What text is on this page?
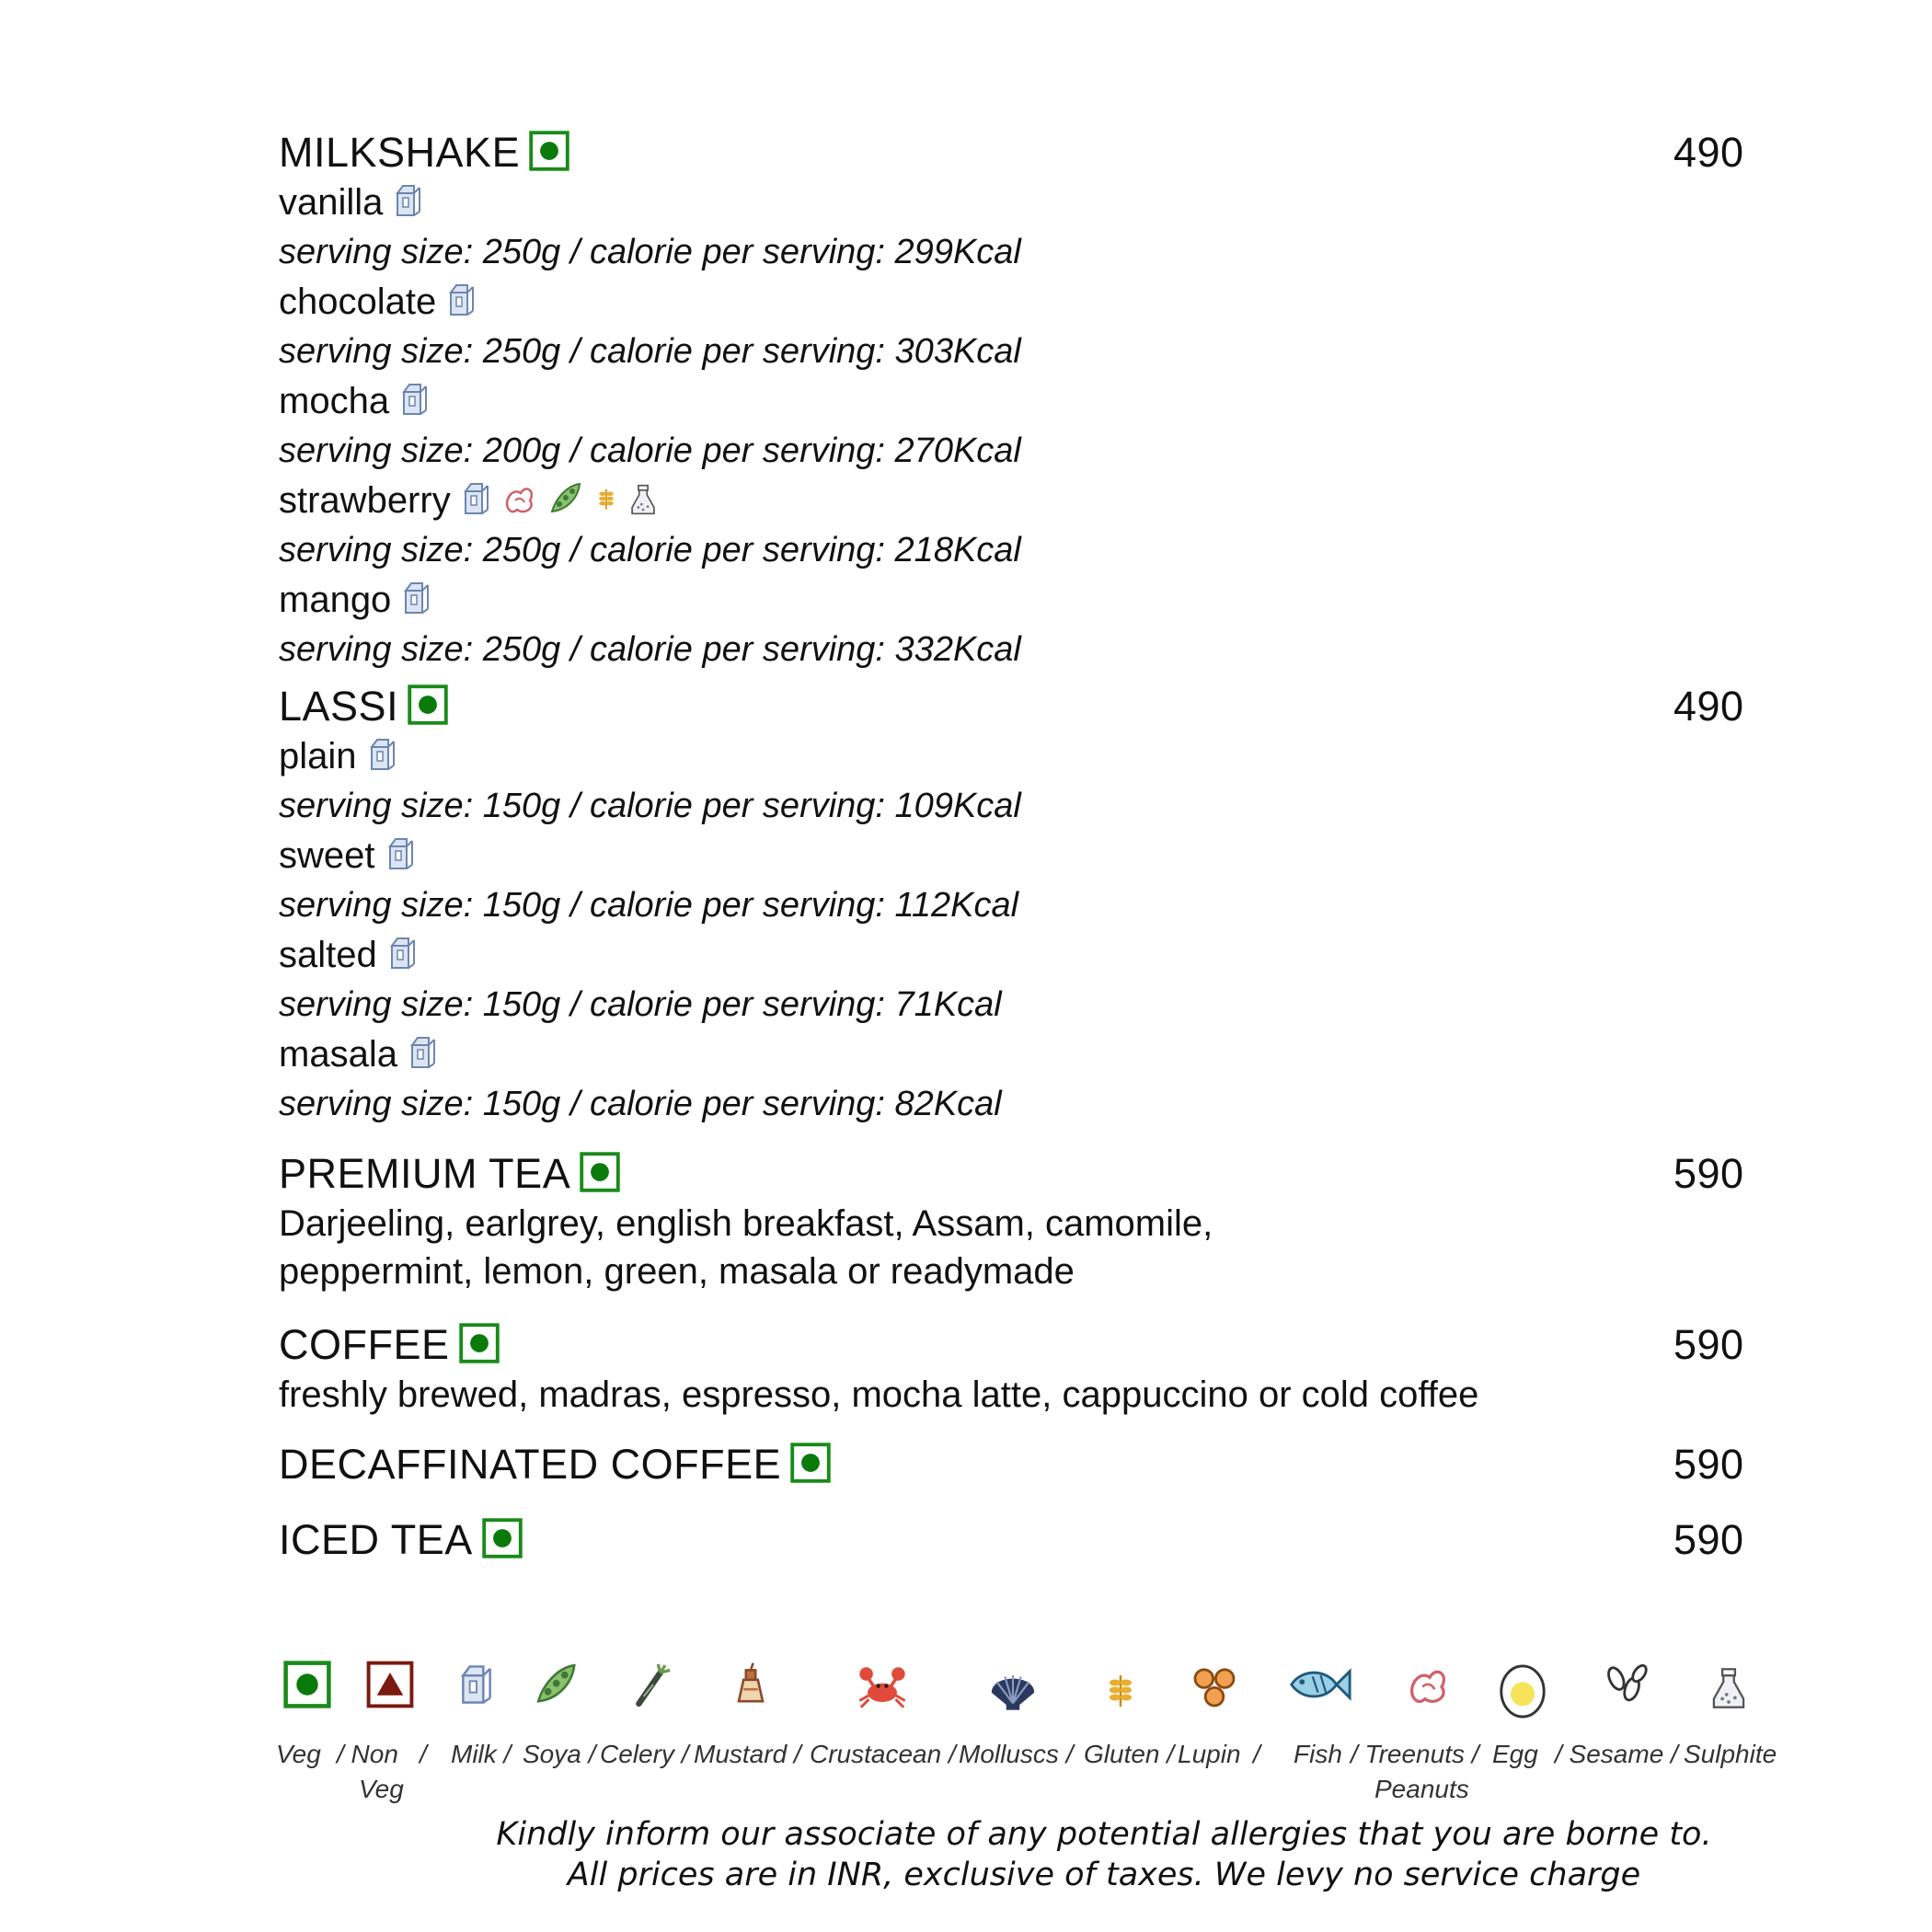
MILKSHAKE	490
vanilla
serving size: 250g / calorie per serving: 299Kcal
chocolate
serving size: 250g / calorie per serving: 303Kcal
mocha
serving size: 200g / calorie per serving: 270Kcal
strawberry
serving size: 250g / calorie per serving: 218Kcal
mango
serving size: 250g / calorie per serving: 332Kcal
LASSI	490
plain
serving size: 150g / calorie per serving: 109Kcal
sweet
serving size: 150g / calorie per serving: 112Kcal
salted
serving size: 150g / calorie per serving: 71Kcal
masala
serving size: 150g / calorie per serving: 82Kcal
PREMIUM TEA	590
Darjeeling, earlgrey, english breakfast, Assam, camomile,
peppermint, lemon, green, masala or readymade
COFFEE	590
freshly brewed, madras, espresso, mocha latte, cappuccino or cold coffee
DECAFFINATED COFFEE	590
ICED TEA	590
Veg / Non
Veg
/ Milk / Soya / Celery / Mustard / Crustacean / Molluscs / Gluten / Lupin / Fish / Treenuts /
Peanuts
Egg / Sesame / Sulphite
Kindly inform our associate of any potential allergies that you are borne to.
All prices are in INR, exclusive of taxes. We levy no service charge
